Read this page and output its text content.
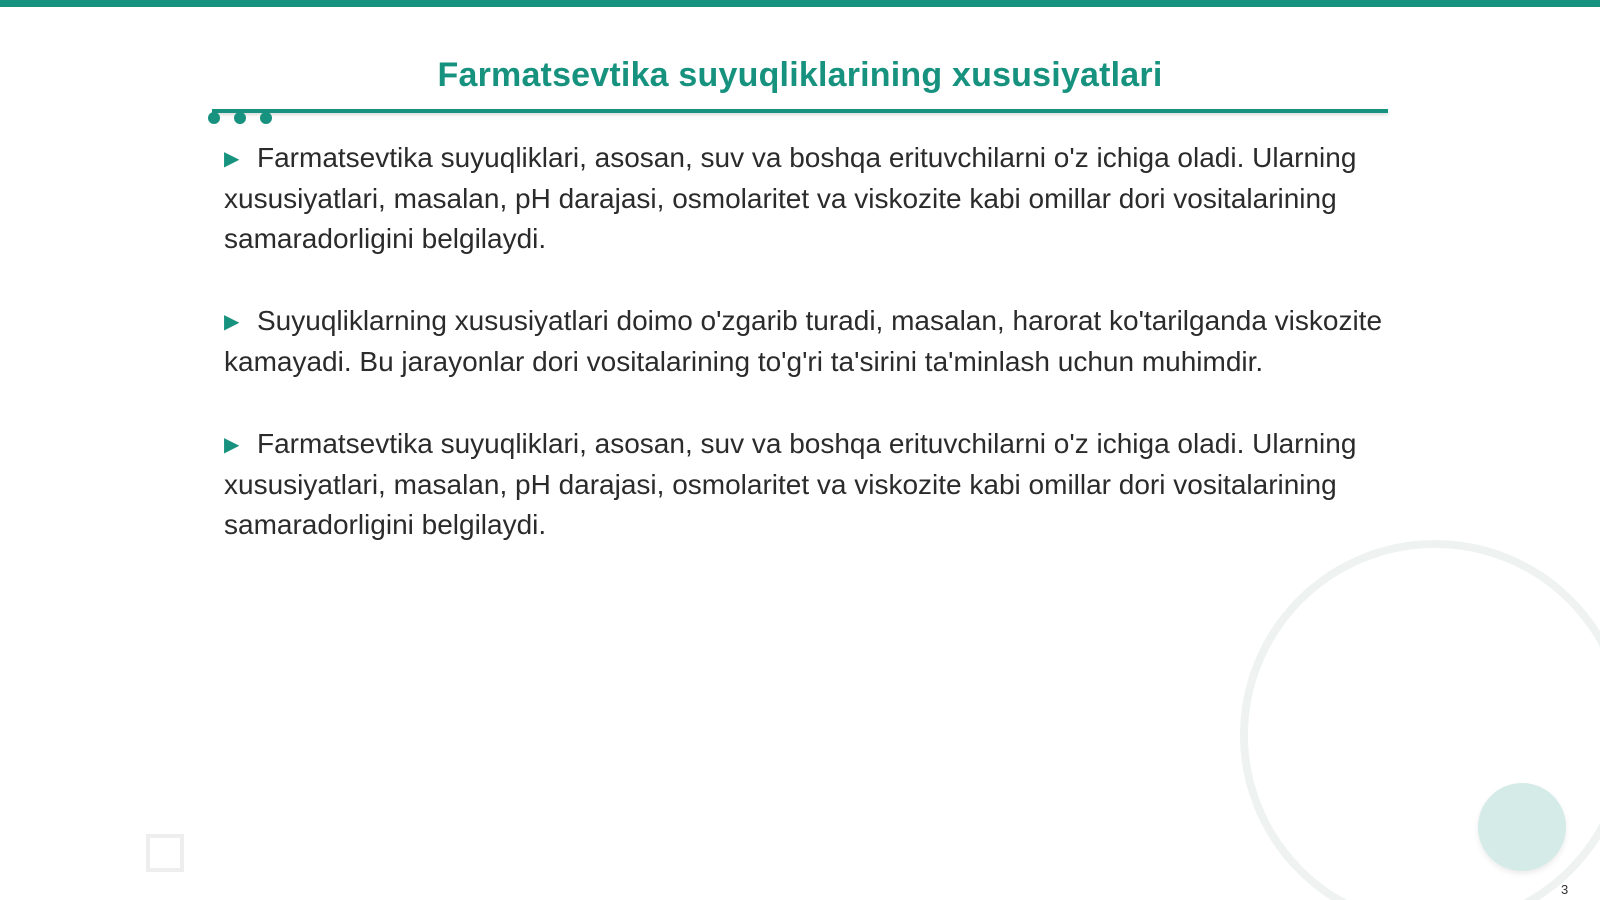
Farmatsevtika suyuqliklarining xususiyatlari

▶ Farmatsevtika suyuqliklari, asosan, suv va boshqa erituvchilarni o'z ichiga oladi. Ularning xususiyatlari, masalan, pH darajasi, osmolaritet va viskozite kabi omillar dori vositalarining samaradorligini belgilaydi.

▶ Suyuqliklarning xususiyatlari doimo o'zgarib turadi, masalan, harorat ko'tarilganda viskozite kamayadi. Bu jarayonlar dori vositalarining to'g'ri ta'sirini ta'minlash uchun muhimdir.

▶ Farmatsevtika suyuqliklari, asosan, suv va boshqa erituvchilarni o'z ichiga oladi. Ularning xususiyatlari, masalan, pH darajasi, osmolaritet va viskozite kabi omillar dori vositalarining samaradorligini belgilaydi.

3
